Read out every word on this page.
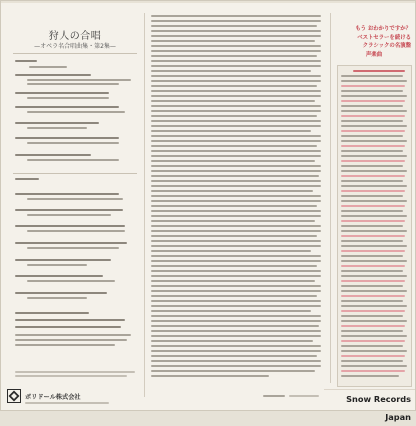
狩人の合唱
—オペラ名合唱曲集・第2集—
もう おわかりですか？
ベストセラーを続ける
クラシックの名演盤
声楽曲
ポリドール株式会社	Snow Records Japan
